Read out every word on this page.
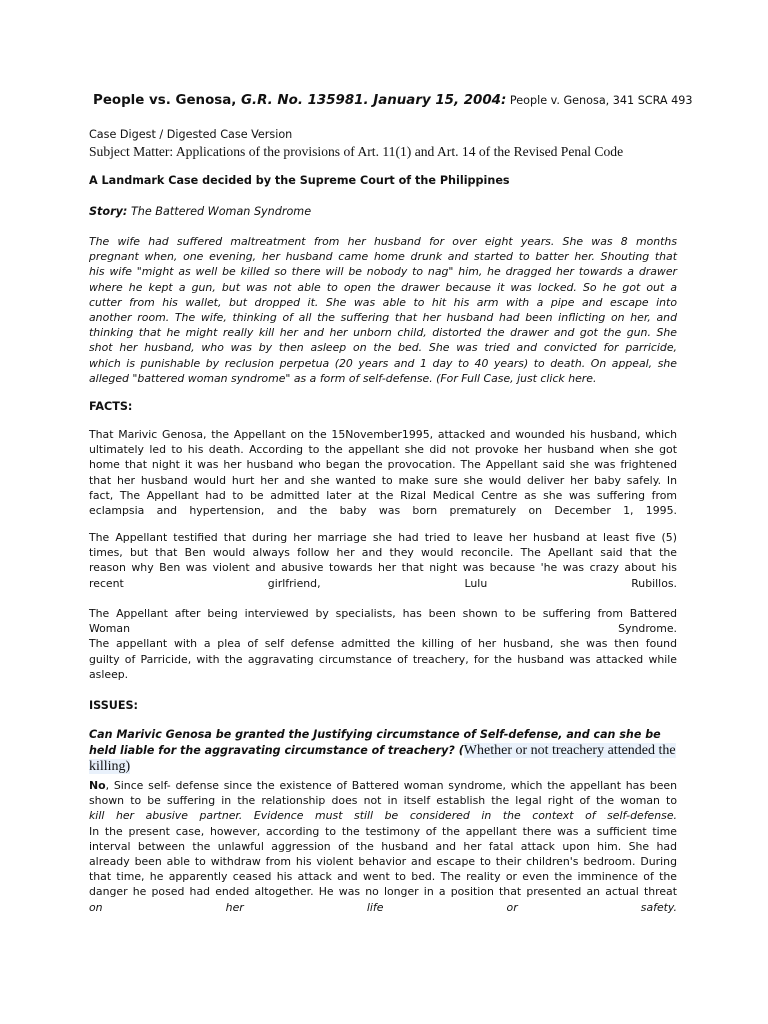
People vs. Genosa, G.R. No. 135981. January 15, 2004: People v. Genosa, 341 SCRA 493
Case Digest / Digested Case Version
Subject Matter: Applications of the provisions of Art. 11(1) and Art. 14 of the Revised Penal Code
A Landmark Case decided by the Supreme Court of the Philippines
Story: The Battered Woman Syndrome
The wife had suffered maltreatment from her husband for over eight years. She was 8 months
pregnant when, one evening, her husband came home drunk and started to batter her. Shouting that
his wife "might as well be killed so there will be nobody to nag" him, he dragged her towards a drawer
where he kept a gun, but was not able to open the drawer because it was locked. So he got out a
cutter from his wallet, but dropped it. She was able to hit his arm with a pipe and escape into
another room. The wife, thinking of all the suffering that her husband had been inflicting on her, and
thinking that he might really kill her and her unborn child, distorted the drawer and got the gun. She
shot her husband, who was by then asleep on the bed. She was tried and convicted for parricide,
which is punishable by reclusion perpetua (20 years and 1 day to 40 years) to death. On appeal, she
alleged "battered woman syndrome" as a form of self-defense. (For Full Case, just click here.
FACTS:
That Marivic Genosa, the Appellant on the 15November1995, attacked and wounded his husband, which
ultimately led to his death. According to the appellant she did not provoke her husband when she got
home that night it was her husband who began the provocation. The Appellant said she was frightened
that her husband would hurt her and she wanted to make sure she would deliver her baby safely. In
fact, The Appellant had to be admitted later at the Rizal Medical Centre as she was suffering from
eclampsia and hypertension, and the baby was born prematurely on December 1, 1995.
The Appellant testified that during her marriage she had tried to leave her husband at least five (5)
times, but that Ben would always follow her and they would reconcile. The Apellant said that the
reason why Ben was violent and abusive towards her that night was because 'he was crazy about his
recent girlfriend, Lulu Rubillos.
The Appellant after being interviewed by specialists, has been shown to be suffering from Battered
Woman Syndrome.
The appellant with a plea of self defense admitted the killing of her husband, she was then found
guilty of Parricide, with the aggravating circumstance of treachery, for the husband was attacked while
asleep.
ISSUES:
Can Marivic Genosa be granted the Justifying circumstance of Self-defense, and can she be held liable for the aggravating circumstance of treachery? (Whether or not treachery attended the killing)
No, Since self- defense since the existence of Battered woman syndrome, which the appellant has been
shown to be suffering in the relationship does not in itself establish the legal right of the woman to
kill her abusive partner. Evidence must still be considered in the context of self-defense.
In the present case, however, according to the testimony of the appellant there was a sufficient time
interval between the unlawful aggression of the husband and her fatal attack upon him. She had
already been able to withdraw from his violent behavior and escape to their children's bedroom. During
that time, he apparently ceased his attack and went to bed. The reality or even the imminence of the
danger he posed had ended altogether. He was no longer in a position that presented an actual threat
on her life or safety.
